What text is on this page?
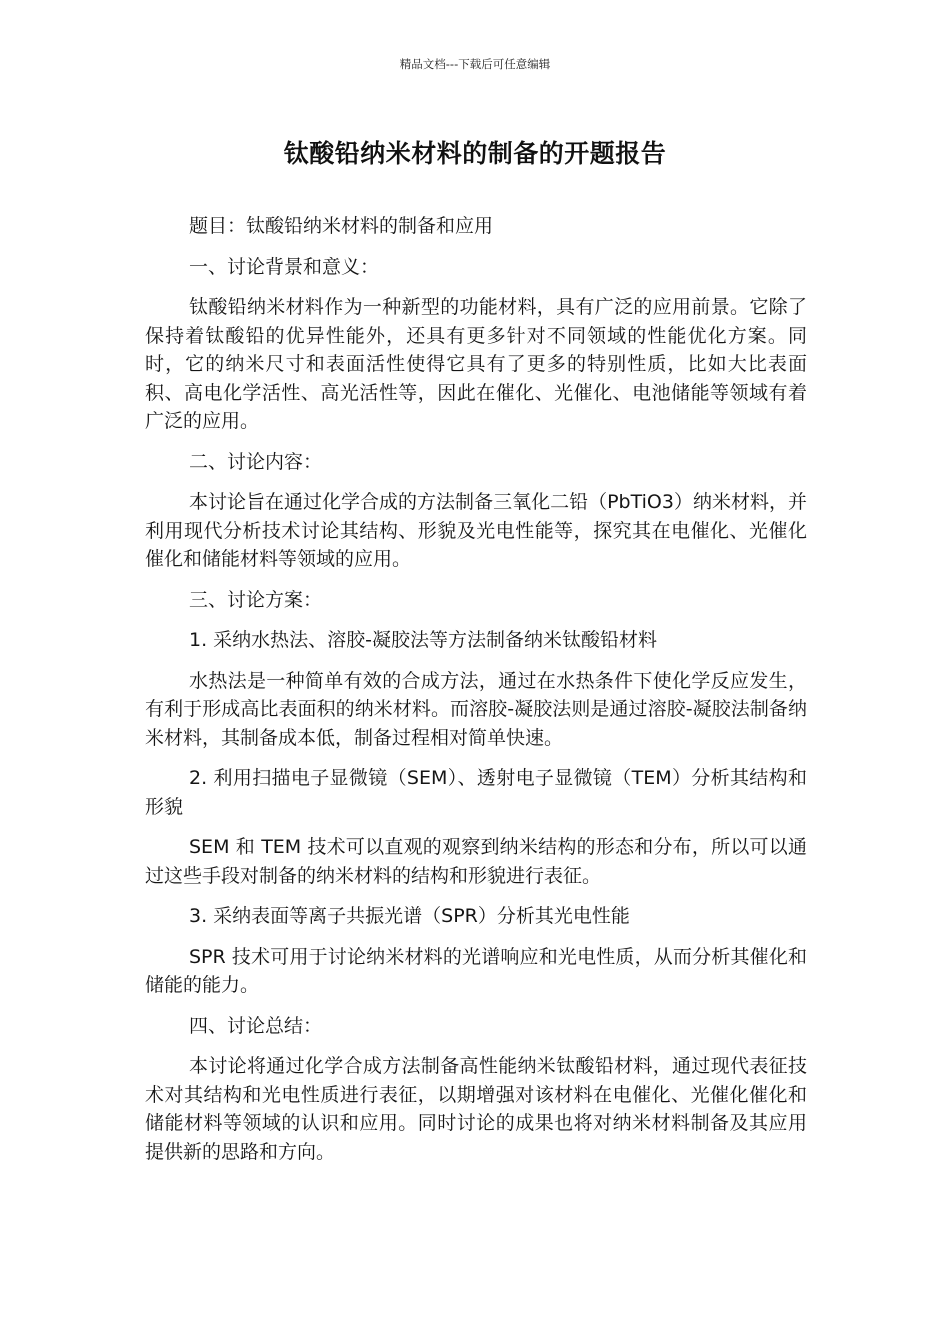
精品文档---下载后可任意编辑
钛酸铅纳米材料的制备的开题报告

题目：钛酸铅纳米材料的制备和应用

一、讨论背景和意义：

钛酸铅纳米材料作为一种新型的功能材料，具有广泛的应用前景。它除了保持着钛酸铅的优异性能外，还具有更多针对不同领域的性能优化方案。同时，它的纳米尺寸和表面活性使得它具有了更多的特别性质，比如大比表面积、高电化学活性、高光活性等，因此在催化、光催化、电池储能等领域有着广泛的应用。

二、讨论内容：

本讨论旨在通过化学合成的方法制备三氧化二铅（PbTiO3）纳米材料，并利用现代分析技术讨论其结构、形貌及光电性能等，探究其在电催化、光催化催化和储能材料等领域的应用。

三、讨论方案：

1. 采纳水热法、溶胶-凝胶法等方法制备纳米钛酸铅材料

水热法是一种简单有效的合成方法，通过在水热条件下使化学反应发生，有利于形成高比表面积的纳米材料。而溶胶-凝胶法则是通过溶胶-凝胶法制备纳米材料，其制备成本低，制备过程相对简单快速。

2. 利用扫描电子显微镜（SEM）、透射电子显微镜（TEM）分析其结构和形貌

SEM 和 TEM 技术可以直观的观察到纳米结构的形态和分布，所以可以通过这些手段对制备的纳米材料的结构和形貌进行表征。

3. 采纳表面等离子共振光谱（SPR）分析其光电性能

SPR 技术可用于讨论纳米材料的光谱响应和光电性质，从而分析其催化和储能的能力。

四、讨论总结：

本讨论将通过化学合成方法制备高性能纳米钛酸铅材料，通过现代表征技术对其结构和光电性质进行表征，以期增强对该材料在电催化、光催化催化和储能材料等领域的认识和应用。同时讨论的成果也将对纳米材料制备及其应用提供新的思路和方向。
